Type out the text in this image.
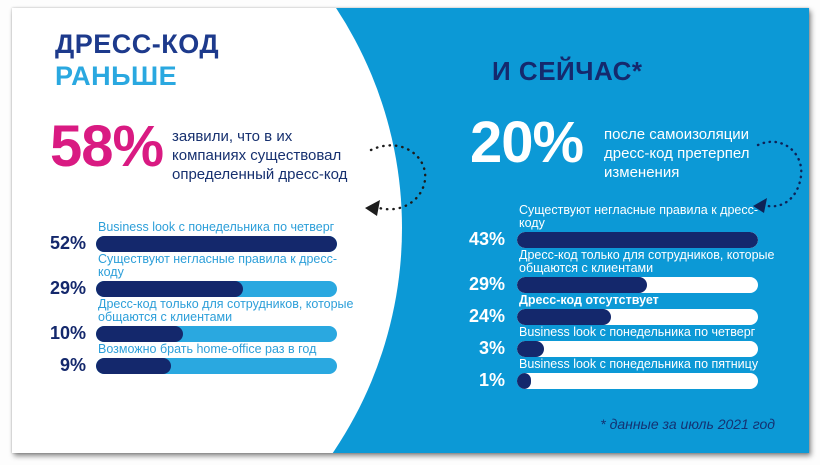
ДРЕСС-КОД
РАНЬШЕ
58% заявили, что в их компаниях существовал определенный дресс-код
52%
Business look с понедельника по четверг
29%
Существуют негласные правила к дресс-коду
10%
Дресс-код только для сотрудников, которые общаются с клиентами
9%
Возможно брать home-office раз в год
И СЕЙЧАС*
20% после самоизоляции дресс-код претерпел изменения
43%
Существуют негласные правила к дресс-коду
29%
Дресс-код только для сотрудников, которые общаются с клиентами
24%
Дресс-код отсутствует
3%
Business look с понедельника по четверг
1%
Business look с понедельника по пятницу
* данные за июль 2021 год
